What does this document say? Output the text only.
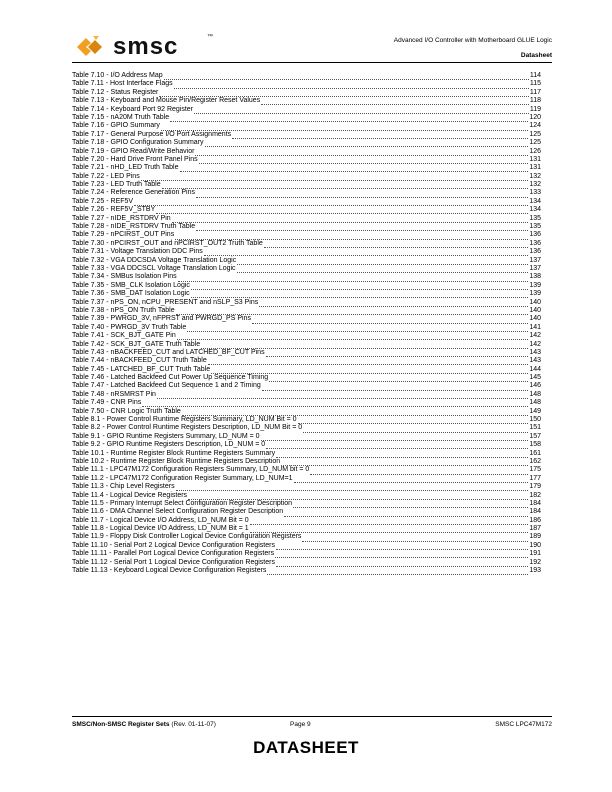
smsc	™	Advanced I/O Controller with Motherboard GLUE Logic
Datasheet
Table 7.10 - I/O Address Map	114
Table 7.11 - Host Interface Flags	115
Table 7.12 - Status Register	117
Table 7.13 - Keyboard and Mouse Pin/Register Reset Values	118
Table 7.14 - Keyboard Port 92 Register	119
Table 7.15 - nA20M Truth Table	120
Table 7.16 - GPIO Summary	124
Table 7.17 - General Purpose I/O Port Assignments	125
Table 7.18 - GPIO Configuration Summary	125
Table 7.19 - GPIO Read/Write Behavior	126
Table 7.20 - Hard Drive Front Panel Pins	131
Table 7.21 - nHD_LED Truth Table	131
Table 7.22 - LED Pins	132
Table 7.23 - LED Truth Table	132
Table 7.24 - Reference Generation Pins	133
Table 7.25 - REF5V	134
Table 7.26 - REF5V_STBY	134
Table 7.27 - nIDE_RSTDRV Pin	135
Table 7.28 - nIDE_RSTDRV Truth Table	135
Table 7.29 - nPCIRST_OUT Pins	136
Table 7.30 - nPCIRST_OUT and nPCIRST_OUT2 Truth Table	136
Table 7.31 - Voltage Translation DDC Pins	136
Table 7.32 - VGA DDCSDA Voltage Translation Logic	137
Table 7.33 - VGA DDCSCL Voltage Translation Logic	137
Table 7.34 - SMBus Isolation Pins	138
Table 7.35 - SMB_CLK Isolation Logic	139
Table 7.36 - SMB_DAT Isolation Logic	139
Table 7.37 - nPS_ON, nCPU_PRESENT and nSLP_S3 Pins	140
Table 7.38 - nPS_ON Truth Table	140
Table 7.39 - PWRGD_3V, nFPRST and PWRGD_PS Pins	140
Table 7.40 - PWRGD_3V Truth Table	141
Table 7.41 - SCK_BJT_GATE Pin	142
Table 7.42 - SCK_BJT_GATE Truth Table	142
Table 7.43 - nBACKFEED_CUT and LATCHED_BF_CUT Pins	143
Table 7.44 - nBACKFEED_CUT Truth Table	143
Table 7.45 - LATCHED_BF_CUT Truth Table	144
Table 7.46 - Latched Backfeed Cut Power Up Sequence Timing	145
Table 7.47 - Latched Backfeed Cut Sequence 1 and 2 Timing	146
Table 7.48 - nRSMRST Pin	148
Table 7.49 - CNR Pins	148
Table 7.50 - CNR Logic Truth Table	149
Table 8.1 - Power Control Runtime Registers Summary, LD_NUM Bit = 0	150
Table 8.2 - Power Control Runtime Registers Description, LD_NUM Bit = 0	151
Table 9.1 - GPIO Runtime Registers Summary, LD_NUM = 0	157
Table 9.2 - GPIO Runtime Registers Description, LD_NUM = 0	158
Table 10.1 - Runtime Register Block Runtime Registers Summary	161
Table 10.2 - Runtime Register Block Runtime Registers Description	162
Table 11.1 - LPC47M172 Configuration Registers Summary, LD_NUM bit = 0	175
Table 11.2 - LPC47M172 Configuration Register Summary, LD_NUM=1	177
Table 11.3 - Chip Level Registers	179
Table 11.4 - Logical Device Registers	182
Table 11.5 - Primary Interrupt Select Configuration Register Description	184
Table 11.6 - DMA Channel Select Configuration Register Description	184
Table 11.7 - Logical Device I/O Address, LD_NUM Bit = 0	186
Table 11.8 - Logical Device I/O Address, LD_NUM Bit = 1	187
Table 11.9 - Floppy Disk Controller Logical Device Configuration Registers	189
Table 11.10 - Serial Port 2 Logical Device Configuration Registers	190
Table 11.11 - Parallel Port Logical Device Configuration Registers	191
Table 11.12 - Serial Port 1 Logical Device Configuration Registers	192
Table 11.13 - Keyboard Logical Device Configuration Registers	193
SMSC/Non-SMSC Register Sets (Rev. 01-11-07)	Page 9	SMSC LPC47M172
DATASHEET
